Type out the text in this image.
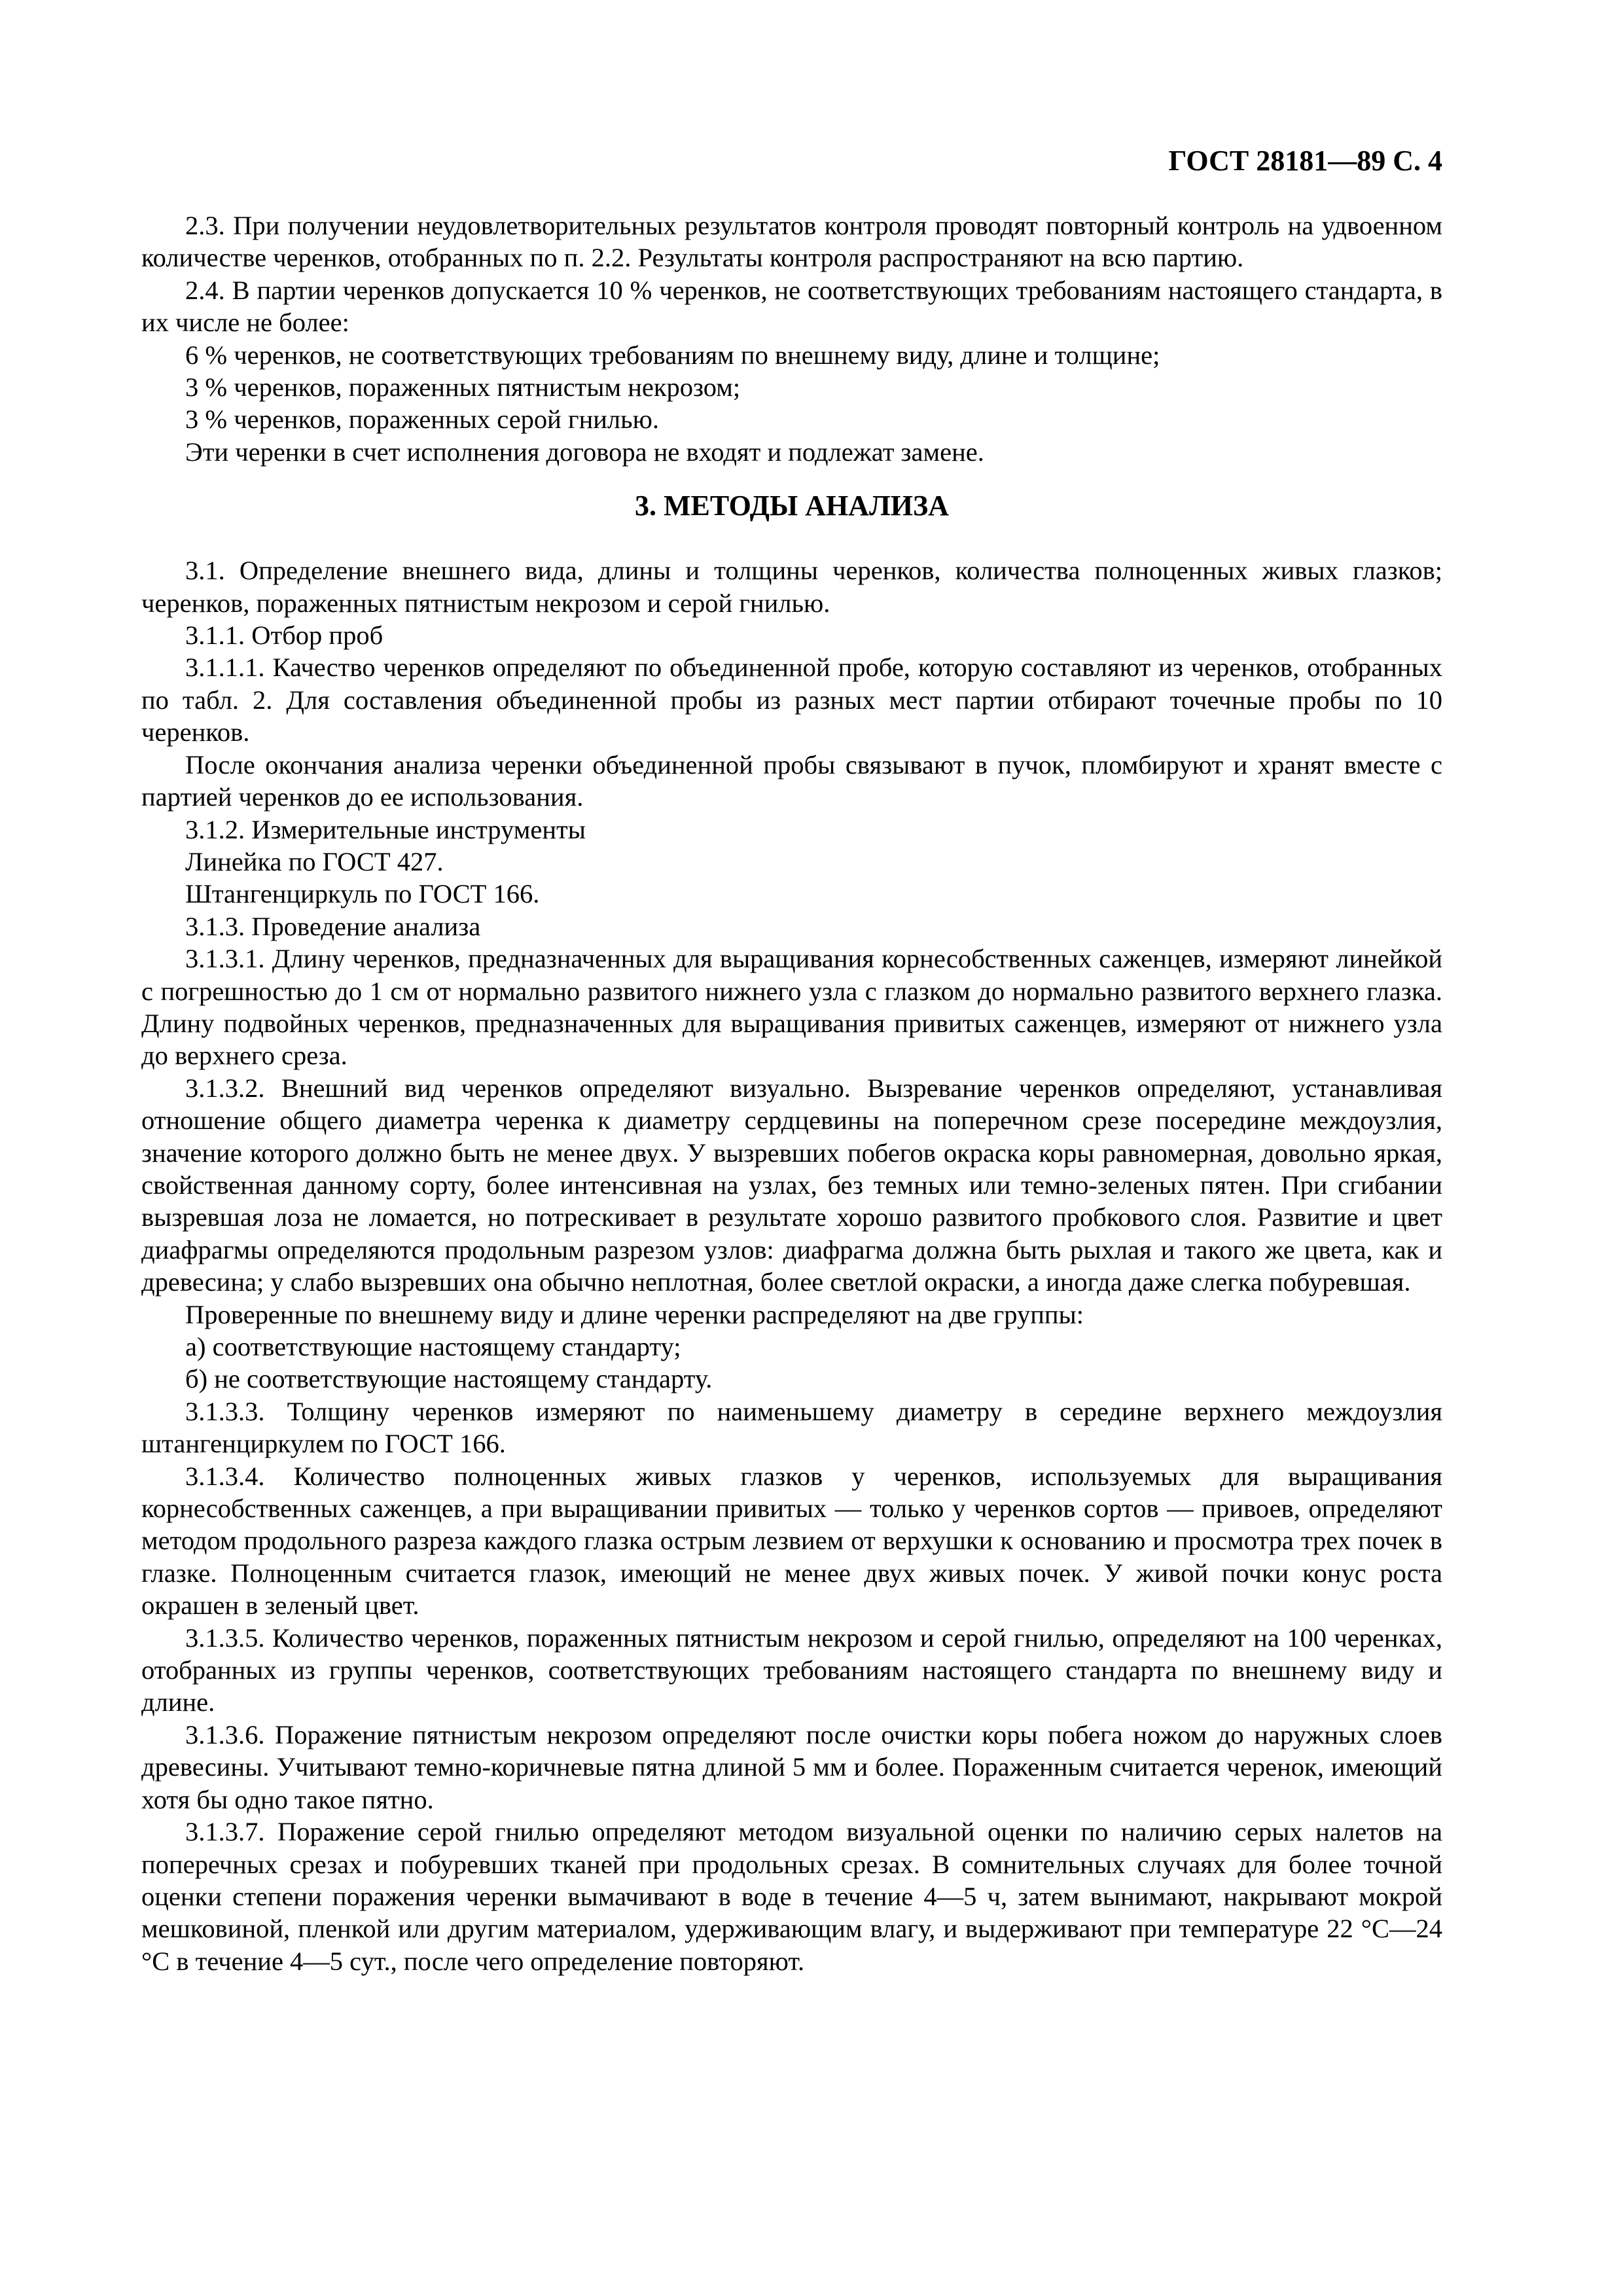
ГОСТ 28181—89 С. 4
2.3. При получении неудовлетворительных результатов контроля проводят повторный контроль на удвоенном количестве черенков, отобранных по п. 2.2. Результаты контроля распространяют на всю партию.
2.4. В партии черенков допускается 10 % черенков, не соответствующих требованиям настоящего стандарта, в их числе не более:
6 % черенков, не соответствующих требованиям по внешнему виду, длине и толщине;
3 % черенков, пораженных пятнистым некрозом;
3 % черенков, пораженных серой гнилью.
Эти черенки в счет исполнения договора не входят и подлежат замене.
3. МЕТОДЫ АНАЛИЗА
3.1. Определение внешнего вида, длины и толщины черенков, количества полноценных живых глазков; черенков, пораженных пятнистым некрозом и серой гнилью.
3.1.1. Отбор проб
3.1.1.1. Качество черенков определяют по объединенной пробе, которую составляют из черенков, отобранных по табл. 2. Для составления объединенной пробы из разных мест партии отбирают точечные пробы по 10 черенков.
После окончания анализа черенки объединенной пробы связывают в пучок, пломбируют и хранят вместе с партией черенков до ее использования.
3.1.2. Измерительные инструменты
Линейка по ГОСТ 427.
Штангенциркуль по ГОСТ 166.
3.1.3. Проведение анализа
3.1.3.1. Длину черенков, предназначенных для выращивания корнесобственных саженцев, измеряют линейкой с погрешностью до 1 см от нормально развитого нижнего узла с глазком до нормально развитого верхнего глазка. Длину подвойных черенков, предназначенных для выращивания привитых саженцев, измеряют от нижнего узла до верхнего среза.
3.1.3.2. Внешний вид черенков определяют визуально. Вызревание черенков определяют, устанавливая отношение общего диаметра черенка к диаметру сердцевины на поперечном срезе посередине междоузлия, значение которого должно быть не менее двух. У вызревших побегов окраска коры равномерная, довольно яркая, свойственная данному сорту, более интенсивная на узлах, без темных или темно-зеленых пятен. При сгибании вызревшая лоза не ломается, но потрескивает в результате хорошо развитого пробкового слоя. Развитие и цвет диафрагмы определяются продольным разрезом узлов: диафрагма должна быть рыхлая и такого же цвета, как и древесина; у слабо вызревших она обычно неплотная, более светлой окраски, а иногда даже слегка побуревшая.
Проверенные по внешнему виду и длине черенки распределяют на две группы:
а) соответствующие настоящему стандарту;
б) не соответствующие настоящему стандарту.
3.1.3.3. Толщину черенков измеряют по наименьшему диаметру в середине верхнего междоузлия штангенциркулем по ГОСТ 166.
3.1.3.4. Количество полноценных живых глазков у черенков, используемых для выращивания корнесобственных саженцев, а при выращивании привитых — только у черенков сортов — привоев, определяют методом продольного разреза каждого глазка острым лезвием от верхушки к основанию и просмотра трех почек в глазке. Полноценным считается глазок, имеющий не менее двух живых почек. У живой почки конус роста окрашен в зеленый цвет.
3.1.3.5. Количество черенков, пораженных пятнистым некрозом и серой гнилью, определяют на 100 черенках, отобранных из группы черенков, соответствующих требованиям настоящего стандарта по внешнему виду и длине.
3.1.3.6. Поражение пятнистым некрозом определяют после очистки коры побега ножом до наружных слоев древесины. Учитывают темно-коричневые пятна длиной 5 мм и более. Пораженным считается черенок, имеющий хотя бы одно такое пятно.
3.1.3.7. Поражение серой гнилью определяют методом визуальной оценки по наличию серых налетов на поперечных срезах и побуревших тканей при продольных срезах. В сомнительных случаях для более точной оценки степени поражения черенки вымачивают в воде в течение 4—5 ч, затем вынимают, накрывают мокрой мешковиной, пленкой или другим материалом, удерживающим влагу, и выдерживают при температуре 22 °С—24 °С в течение 4—5 сут., после чего определение повторяют.
